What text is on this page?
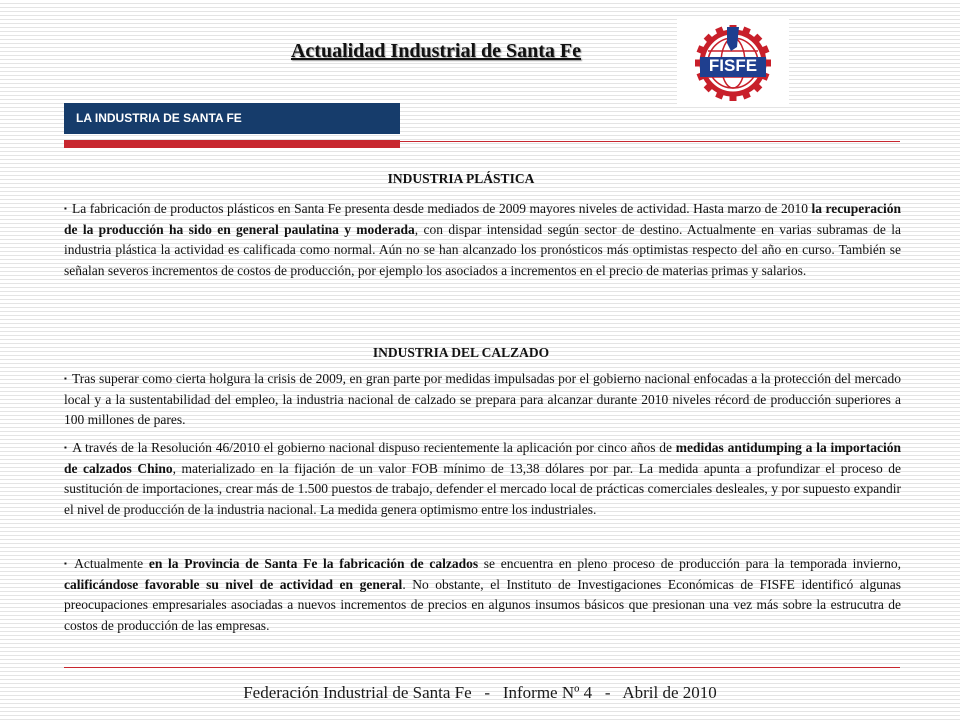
Actualidad Industrial de Santa Fe
FISFE
LA INDUSTRIA DE SANTA FE
INDUSTRIA PLÁSTICA
▪ La fabricación de productos plásticos en Santa Fe presenta desde mediados de 2009 mayores niveles de actividad. Hasta marzo de 2010 la recuperación de la producción ha sido en general paulatina y moderada, con dispar intensidad según sector de destino. Actualmente en varias subramas de la industria plástica la actividad es calificada como normal. Aún no se han alcanzado los pronósticos más optimistas respecto del año en curso. También se señalan severos incrementos de costos de producción, por ejemplo los asociados a incrementos en el precio de materias primas y salarios.
INDUSTRIA DEL CALZADO
▪ Tras superar como cierta holgura la crisis de 2009, en gran parte por medidas impulsadas por el gobierno nacional enfocadas a la protección del mercado local y a la sustentabilidad del empleo, la industria nacional de calzado se prepara para alcanzar durante 2010 niveles récord de producción superiores a 100 millones de pares.
▪ A través de la Resolución 46/2010 el gobierno nacional dispuso recientemente la aplicación por cinco años de medidas antidumping a la importación de calzados Chino, materializado en la fijación de un valor FOB mínimo de 13,38 dólares por par. La medida apunta a profundizar el proceso de sustitución de importaciones, crear más de 1.500 puestos de trabajo, defender el mercado local de prácticas comerciales desleales, y por supuesto expandir el nivel de producción de la industria nacional. La medida genera optimismo entre los industriales.
▪ Actualmente en la Provincia de Santa Fe la fabricación de calzados se encuentra en pleno proceso de producción para la temporada invierno, calificándose favorable su nivel de actividad en general. No obstante, el Instituto de Investigaciones Económicas de FISFE identificó algunas preocupaciones empresariales asociadas a nuevos incrementos de precios en algunos insumos básicos que presionan una vez más sobre la estrucutra de costos de producción de las empresas.
Federación Industrial de Santa Fe   -   Informe Nº 4   -   Abril de 2010
